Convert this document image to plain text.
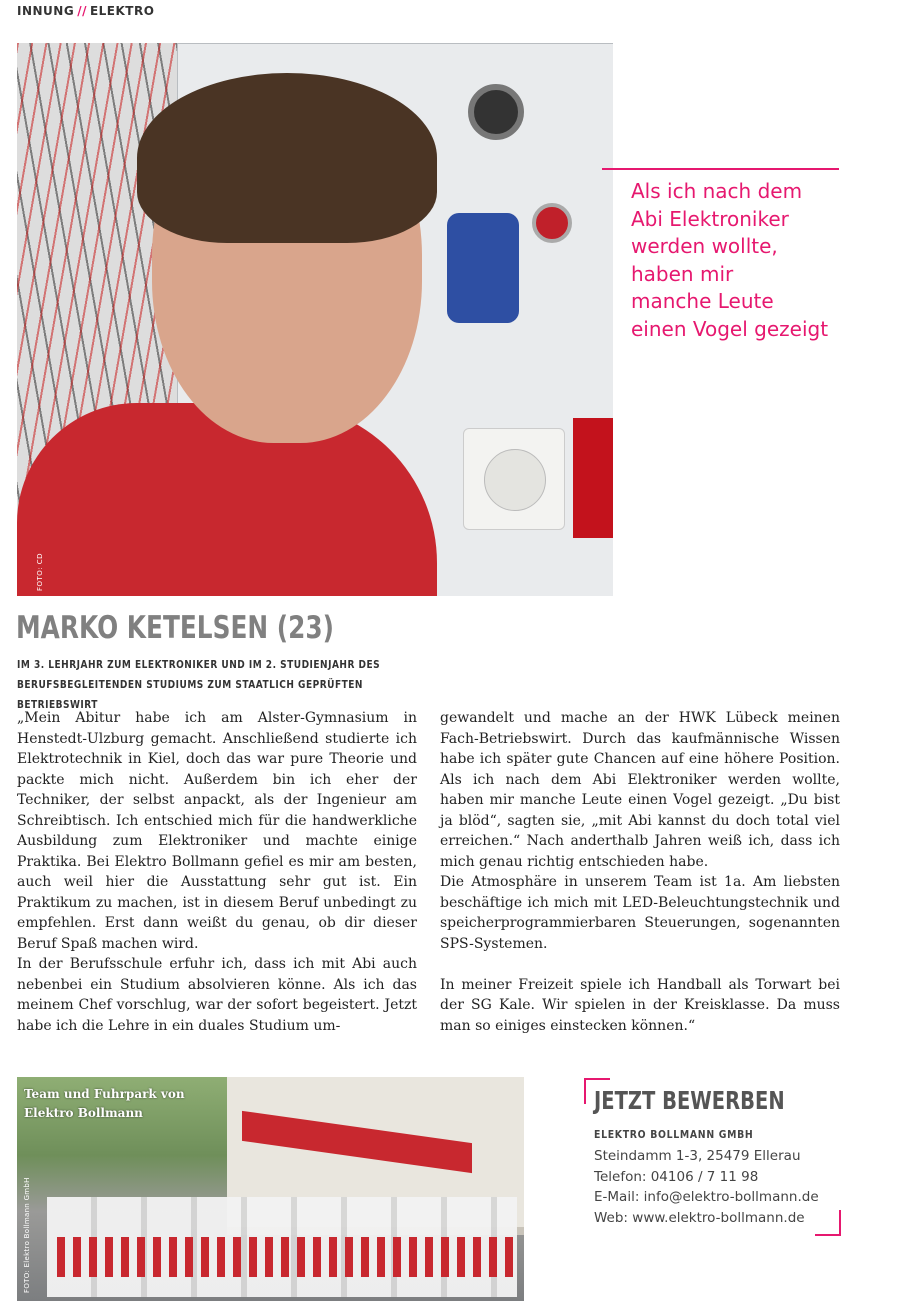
INNUNG // ELEKTRO
FOTO: CD
Als ich nach dem
Abi Elektroniker
werden wollte,
haben mir
manche Leute
einen Vogel gezeigt
MARKO KETELSEN (23)
IM 3. LEHRJAHR ZUM ELEKTRONIKER UND IM 2. STUDIENJAHR DES
BERUFSBEGLEITENDEN STUDIUMS ZUM STAATLICH GEPRÜFTEN BETRIEBSWIRT
„Mein Abitur habe ich am Alster-Gymnasium in Henstedt-Ulzburg gemacht. Anschließend studierte ich Elektrotechnik in Kiel, doch das war pure Theorie und packte mich nicht. Außerdem bin ich eher der Techniker, der selbst anpackt, als der Ingenieur am Schreibtisch. Ich entschied mich für die handwerkliche Ausbildung zum Elektroniker und machte einige Praktika. Bei Elektro Bollmann gefiel es mir am besten, auch weil hier die Ausstattung sehr gut ist. Ein Praktikum zu machen, ist in diesem Beruf unbedingt zu empfehlen. Erst dann weißt du genau, ob dir dieser Beruf Spaß machen wird.
In der Berufsschule erfuhr ich, dass ich mit Abi auch nebenbei ein Studium absolvieren könne. Als ich das meinem Chef vorschlug, war der sofort begeistert. Jetzt habe ich die Lehre in ein duales Studium um-
gewandelt und mache an der HWK Lübeck meinen Fach-Betriebswirt. Durch das kaufmännische Wissen habe ich später gute Chancen auf eine höhere Position. Als ich nach dem Abi Elektroniker werden wollte, haben mir manche Leute einen Vogel gezeigt. „Du bist ja blöd“, sagten sie, „mit Abi kannst du doch total viel erreichen.“ Nach anderthalb Jahren weiß ich, dass ich mich genau richtig entschieden habe.
Die Atmosphäre in unserem Team ist 1a. Am liebsten beschäftige ich mich mit LED-Beleuchtungstechnik und speicherprogrammierbaren Steuerungen, sogenannten SPS-Systemen.

In meiner Freizeit spiele ich Handball als Torwart bei der SG Kale. Wir spielen in der Kreisklasse. Da muss man so einiges einstecken können.“
Team und Fuhrpark von
Elektro Bollmann
FOTO: Elektro Bollmann GmbH
JETZT BEWERBEN
ELEKTRO BOLLMANN GMBH
Steindamm 1-3, 25479 Ellerau
Telefon: 04106 / 7 11 98
E-Mail: info@elektro-bollmann.de
Web: www.elektro-bollmann.de
